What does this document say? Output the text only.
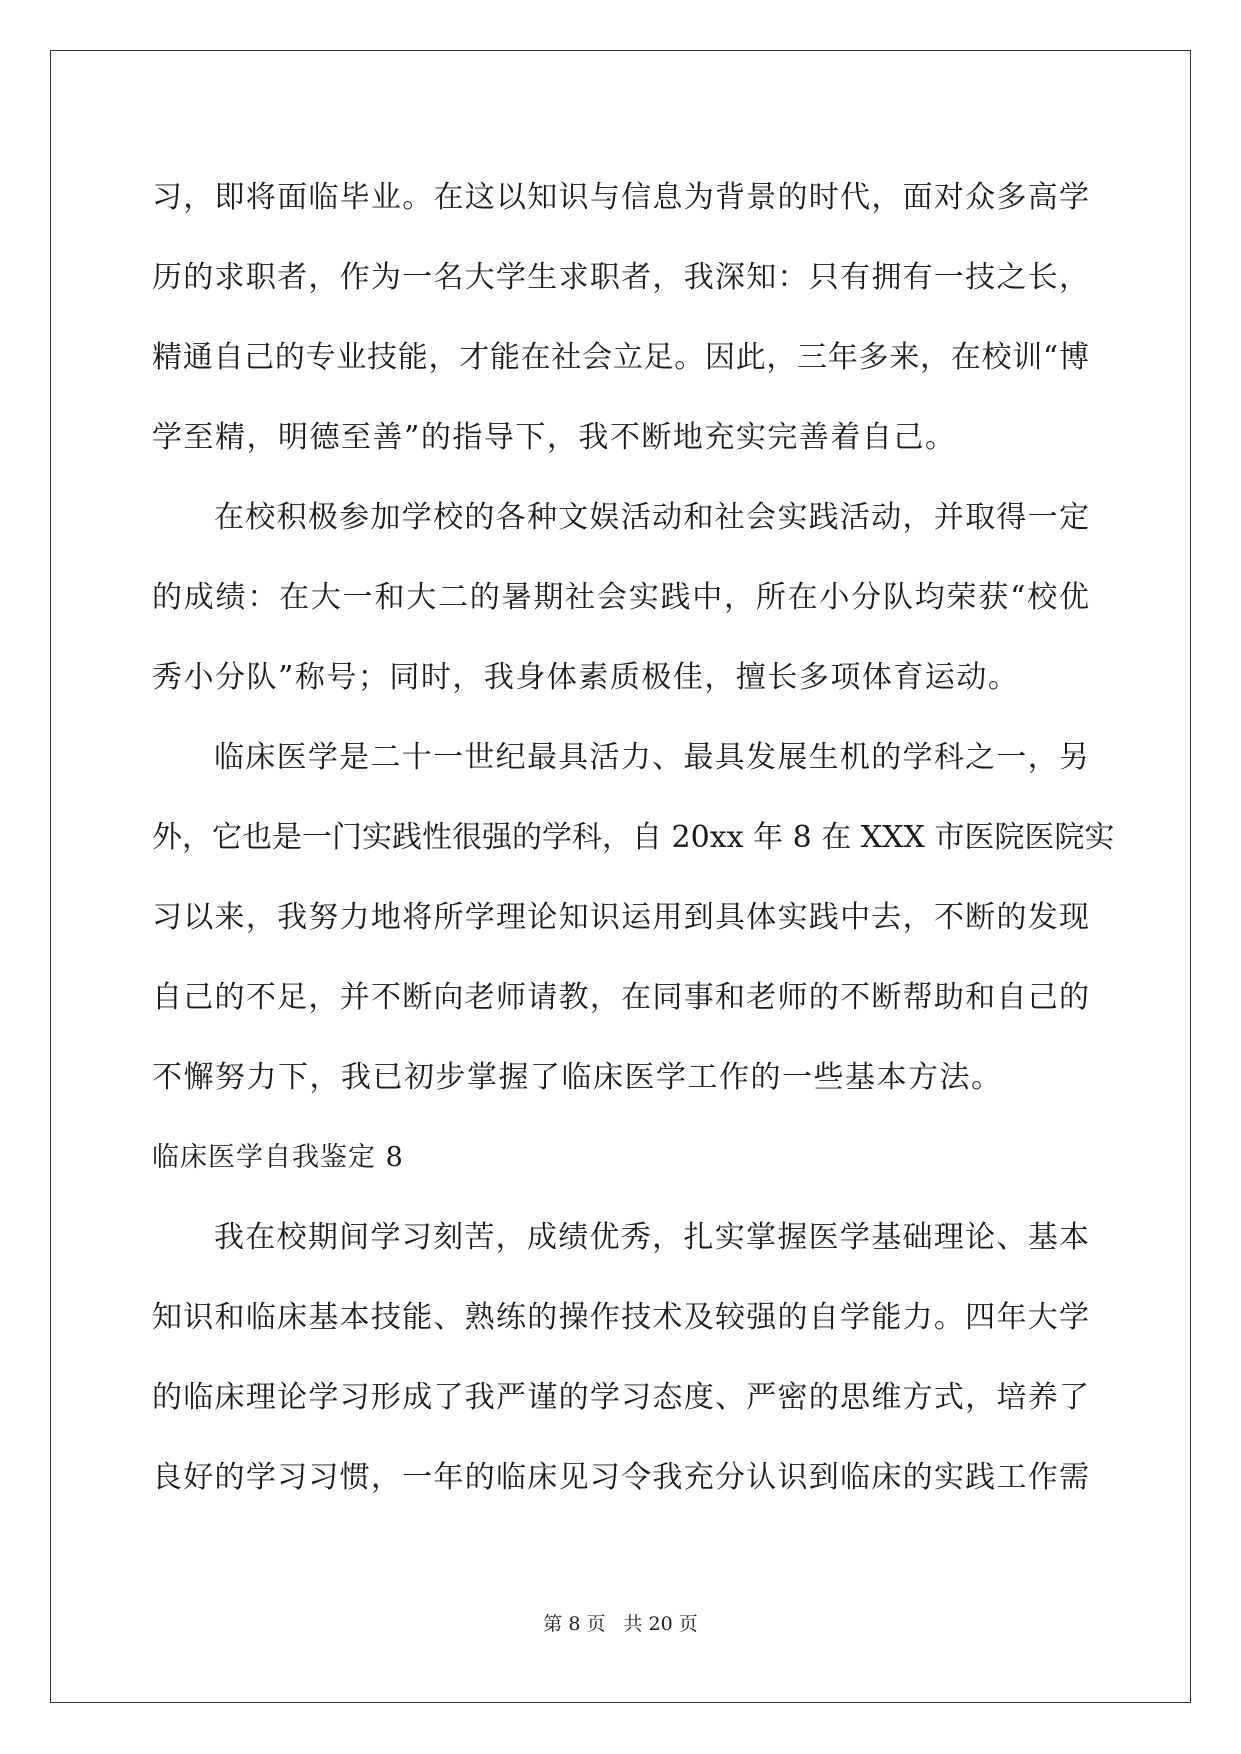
习，即将面临毕业。在这以知识与信息为背景的时代，面对众多高学
历的求职者，作为一名大学生求职者，我深知：只有拥有一技之长，
精通自己的专业技能，才能在社会立足。因此，三年多来，在校训“博
学至精，明德至善”的指导下，我不断地充实完善着自己。
在校积极参加学校的各种文娱活动和社会实践活动，并取得一定
的成绩：在大一和大二的暑期社会实践中，所在小分队均荣获“校优
秀小分队”称号；同时，我身体素质极佳，擅长多项体育运动。
临床医学是二十一世纪最具活力、最具发展生机的学科之一，另
外，它也是一门实践性很强的学科，自 20xx 年 8 在 XXX 市医院医院实
习以来，我努力地将所学理论知识运用到具体实践中去，不断的发现
自己的不足，并不断向老师请教，在同事和老师的不断帮助和自己的
不懈努力下，我已初步掌握了临床医学工作的一些基本方法。
临床医学自我鉴定 8
我在校期间学习刻苦，成绩优秀，扎实掌握医学基础理论、基本
知识和临床基本技能、熟练的操作技术及较强的自学能力。四年大学
的临床理论学习形成了我严谨的学习态度、严密的思维方式，培养了
良好的学习习惯，一年的临床见习令我充分认识到临床的实践工作需
第 8 页 共 20 页
